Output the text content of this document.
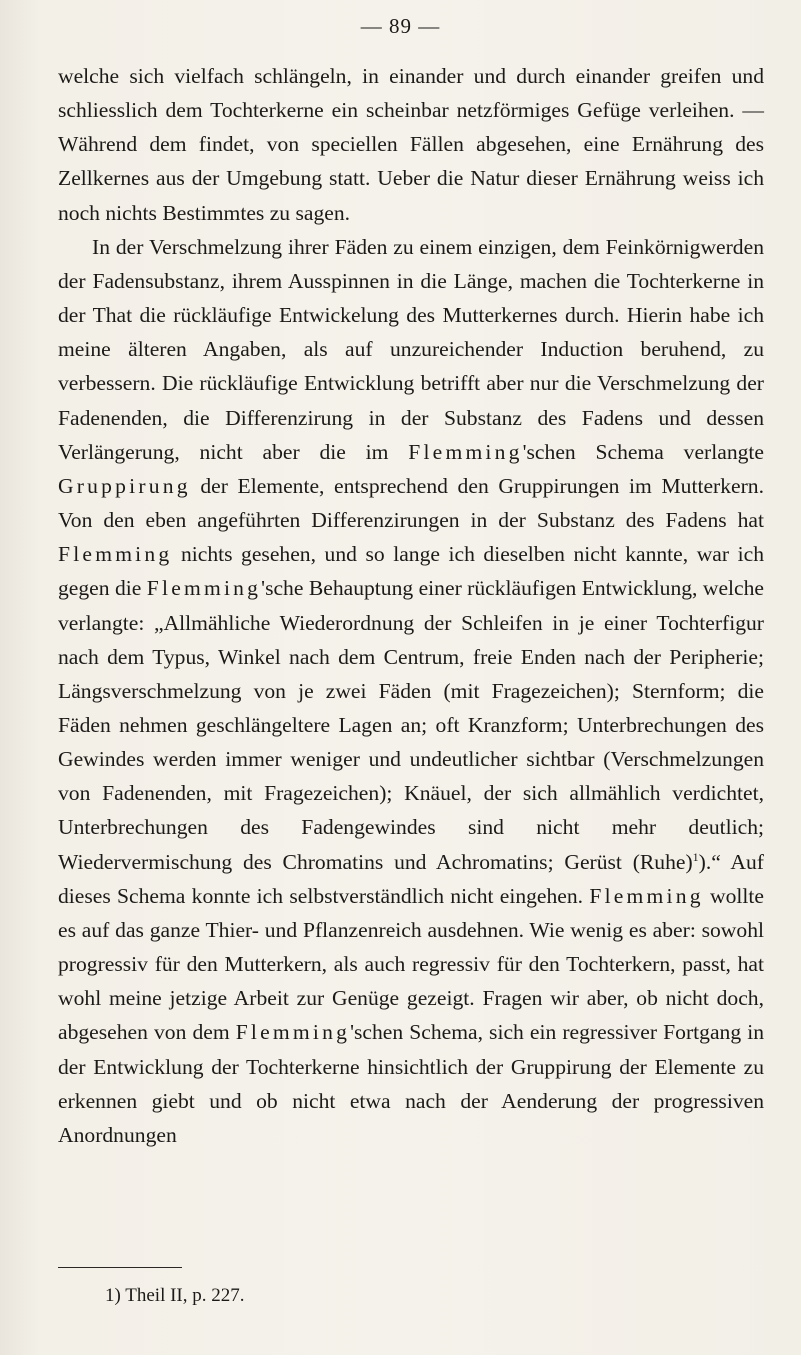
— 89 —

welche sich vielfach schlängeln, in einander und durch einander greifen und schliesslich dem Tochterkerne ein scheinbar netzförmiges Gefüge verleihen. — Während dem findet, von speciellen Fällen abgesehen, eine Ernährung des Zellkernes aus der Umgebung statt. Ueber die Natur dieser Ernährung weiss ich noch nichts Bestimmtes zu sagen.

In der Verschmelzung ihrer Fäden zu einem einzigen, dem Feinkörnigwerden der Fadensubstanz, ihrem Ausspinnen in die Länge, machen die Tochterkerne in der That die rückläufige Entwickelung des Mutterkernes durch. Hierin habe ich meine älteren Angaben, als auf unzureichender Induction beruhend, zu verbessern. Die rückläufige Entwicklung betrifft aber nur die Verschmelzung der Fadenenden, die Differenzirung in der Substanz des Fadens und dessen Verlängerung, nicht aber die im Flemming'schen Schema verlangte Gruppirung der Elemente, entsprechend den Gruppirungen im Mutterkern. Von den eben angeführten Differenzirungen in der Substanz des Fadens hat Flemming nichts gesehen, und so lange ich dieselben nicht kannte, war ich gegen die Flemming'sche Behauptung einer rückläufigen Entwicklung, welche verlangte: „Allmähliche Wiederordnung der Schleifen in je einer Tochterfigur nach dem Typus, Winkel nach dem Centrum, freie Enden nach der Peripherie; Längsverschmelzung von je zwei Fäden (mit Fragezeichen); Sternform; die Fäden nehmen geschlängeltere Lagen an; oft Kranzform; Unterbrechungen des Gewindes werden immer weniger und undeutlicher sichtbar (Verschmelzungen von Fadenenden, mit Fragezeichen); Knäuel, der sich allmählich verdichtet, Unterbrechungen des Fadengewindes sind nicht mehr deutlich; Wiedervermischung des Chromatins und Achromatins; Gerüst (Ruhe)$^1$).“ Auf dieses Schema konnte ich selbstverständlich nicht eingehen. Flemming wollte es auf das ganze Thier- und Pflanzenreich ausdehnen. Wie wenig es aber: sowohl progressiv für den Mutterkern, als auch regressiv für den Tochterkern, passt, hat wohl meine jetzige Arbeit zur Genüge gezeigt. Fragen wir aber, ob nicht doch, abgesehen von dem Flemming'schen Schema, sich ein regressiver Fortgang in der Entwicklung der Tochterkerne hinsichtlich der Gruppirung der Elemente zu erkennen giebt und ob nicht etwa nach der Aenderung der progressiven Anordnungen

1) Theil II, p. 227.
